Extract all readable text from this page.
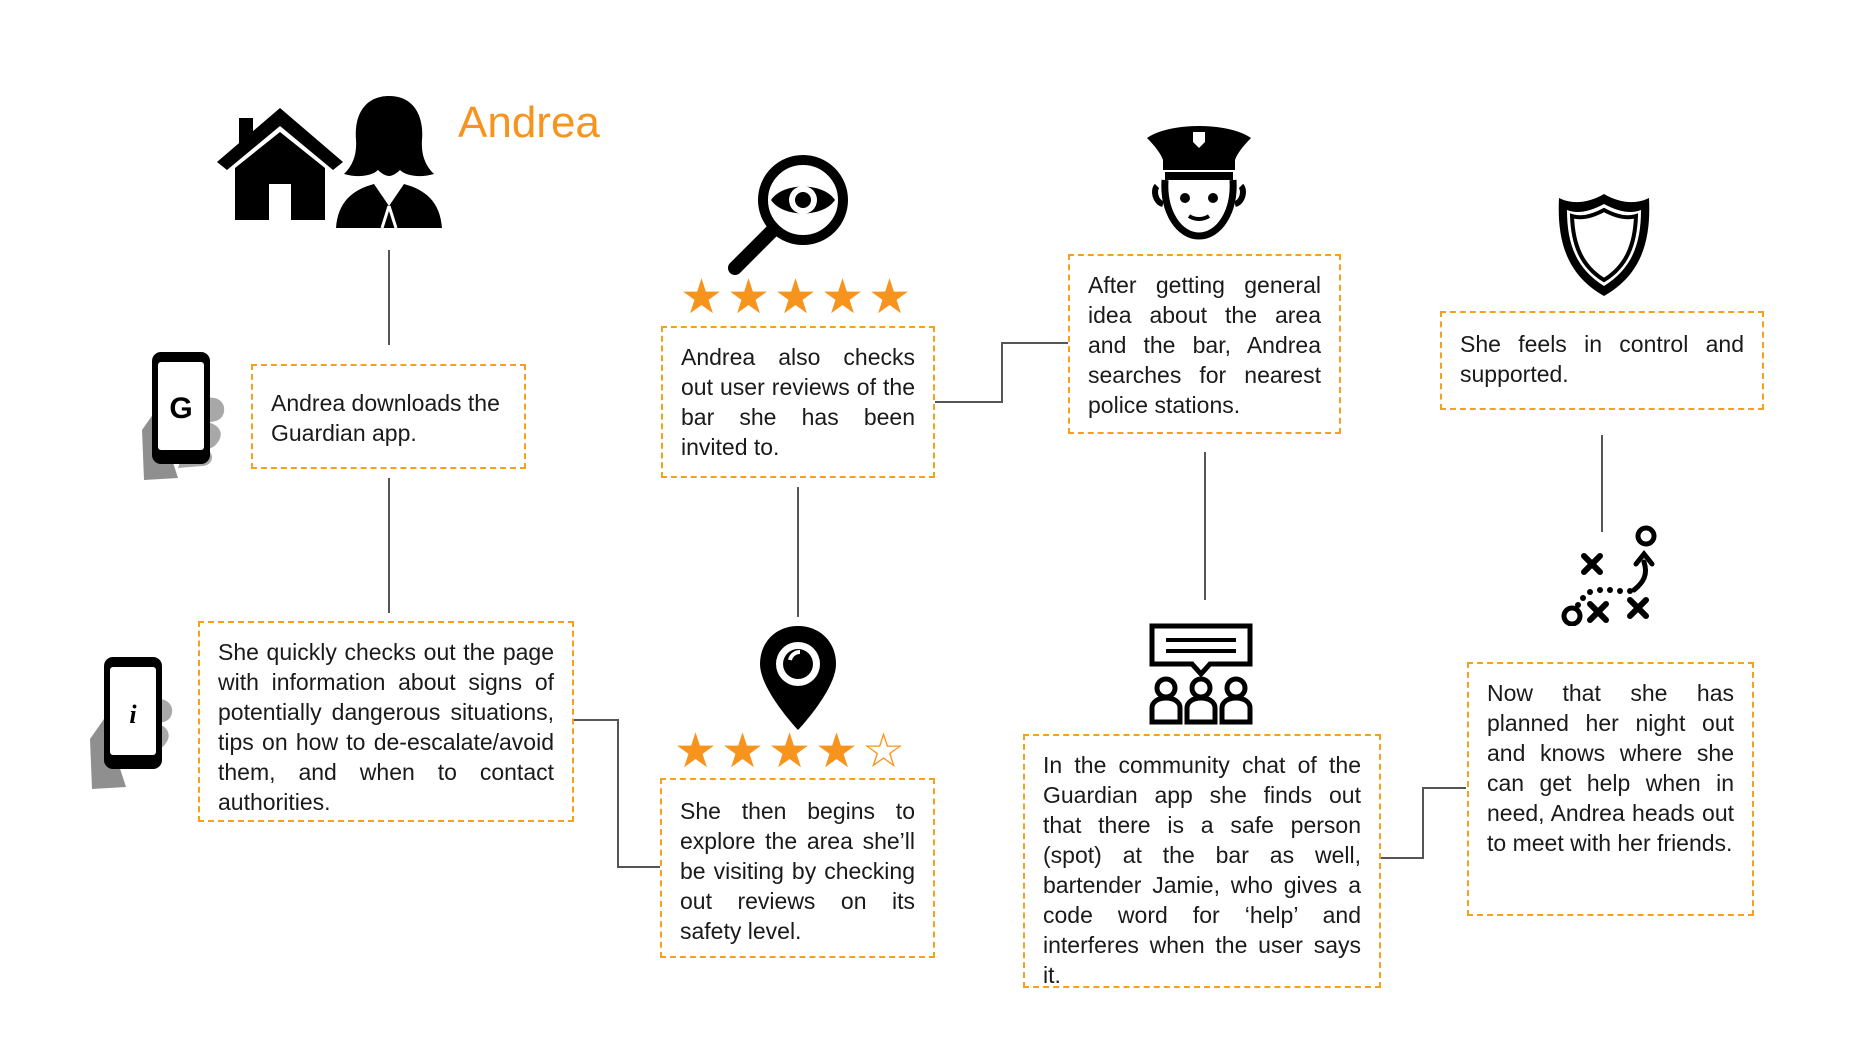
Andrea
G
i
★★★★★
★★★★☆
Andrea downloads the Guardian app.
She quickly checks out the page with information about signs of potentially dangerous situations, tips on how to de-escalate/avoid them, and when to contact authorities.
Andrea also checks out user reviews of the bar she has been invited to.
She then begins to explore the area she’ll be visiting by checking out reviews on its safety level.
After getting general idea about the area and the bar, Andrea searches for nearest police stations.
In the community chat of the Guardian app she finds out that there is a safe person (spot) at the bar as well, bartender Jamie, who gives a code word for ‘help’ and interferes when the user says it.
She feels in control and supported.
Now that she has planned her night out and knows where she can get help when in need, Andrea heads out to meet with her friends.
